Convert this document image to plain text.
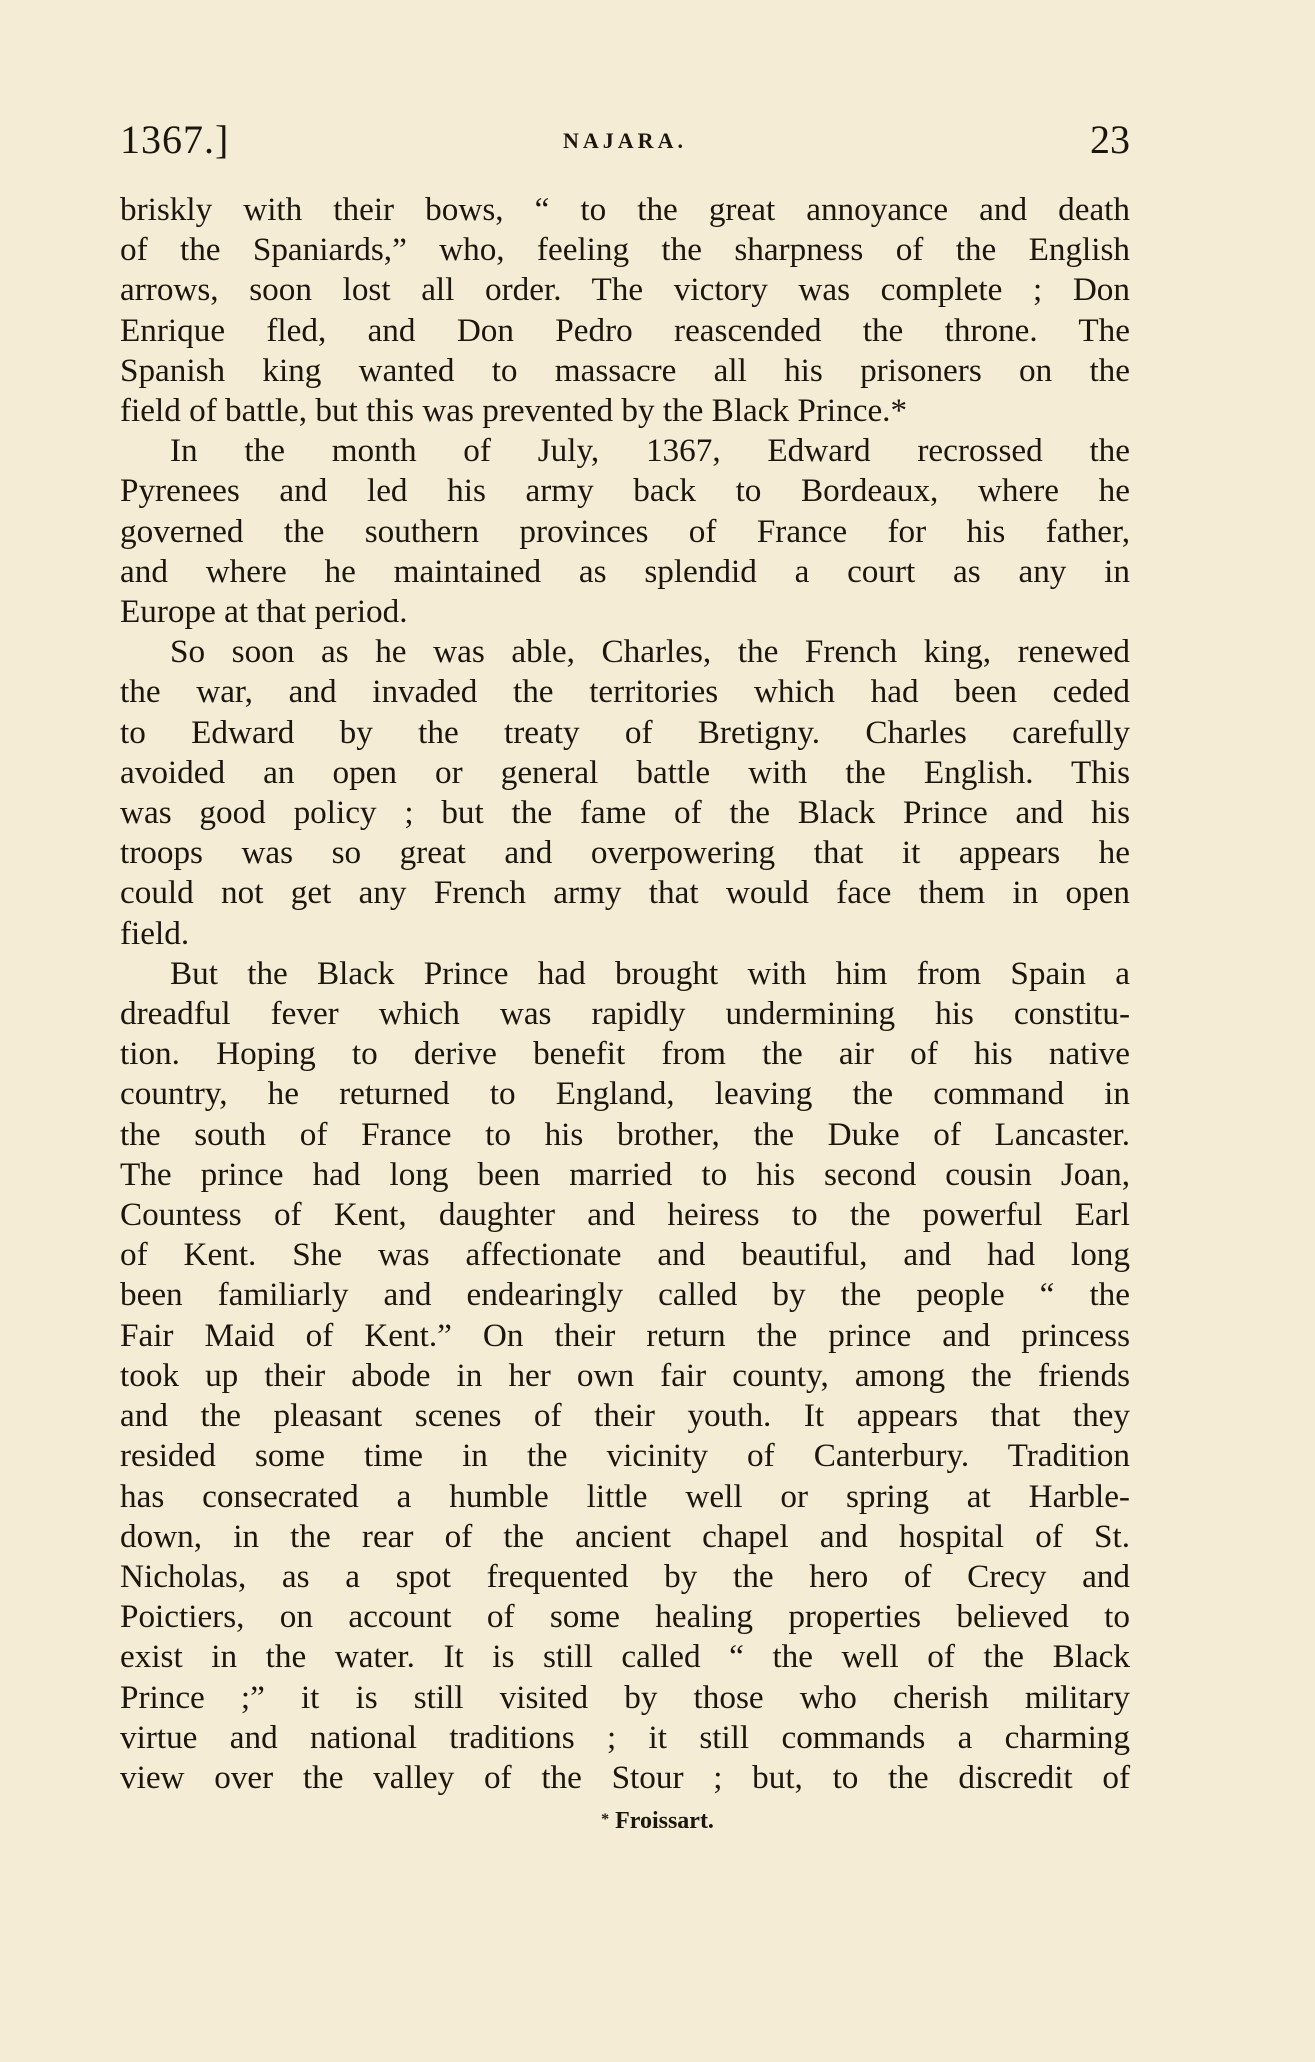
1367.]	NAJARA.	23
briskly with their bows, “ to the great annoyance and death
of the Spaniards,” who, feeling the sharpness of the English
arrows, soon lost all order. The victory was complete ; Don
Enrique fled, and Don Pedro reascended the throne. The
Spanish king wanted to massacre all his prisoners on the
field of battle, but this was prevented by the Black Prince.*
In the month of July, 1367, Edward recrossed the
Pyrenees and led his army back to Bordeaux, where he
governed the southern provinces of France for his father,
and where he maintained as splendid a court as any in
Europe at that period.
So soon as he was able, Charles, the French king, renewed
the war, and invaded the territories which had been ceded
to Edward by the treaty of Bretigny. Charles carefully
avoided an open or general battle with the English. This
was good policy ; but the fame of the Black Prince and his
troops was so great and overpowering that it appears he
could not get any French army that would face them in open
field.
But the Black Prince had brought with him from Spain a
dreadful fever which was rapidly undermining his constitu-
tion. Hoping to derive benefit from the air of his native
country, he returned to England, leaving the command in
the south of France to his brother, the Duke of Lancaster.
The prince had long been married to his second cousin Joan,
Countess of Kent, daughter and heiress to the powerful Earl
of Kent. She was affectionate and beautiful, and had long
been familiarly and endearingly called by the people “ the
Fair Maid of Kent.” On their return the prince and princess
took up their abode in her own fair county, among the friends
and the pleasant scenes of their youth. It appears that they
resided some time in the vicinity of Canterbury. Tradition
has consecrated a humble little well or spring at Harble-
down, in the rear of the ancient chapel and hospital of St.
Nicholas, as a spot frequented by the hero of Crecy and
Poictiers, on account of some healing properties believed to
exist in the water. It is still called “ the well of the Black
Prince ;” it is still visited by those who cherish military
virtue and national traditions ; it still commands a charming
view over the valley of the Stour ; but, to the discredit of
* Froissart.
